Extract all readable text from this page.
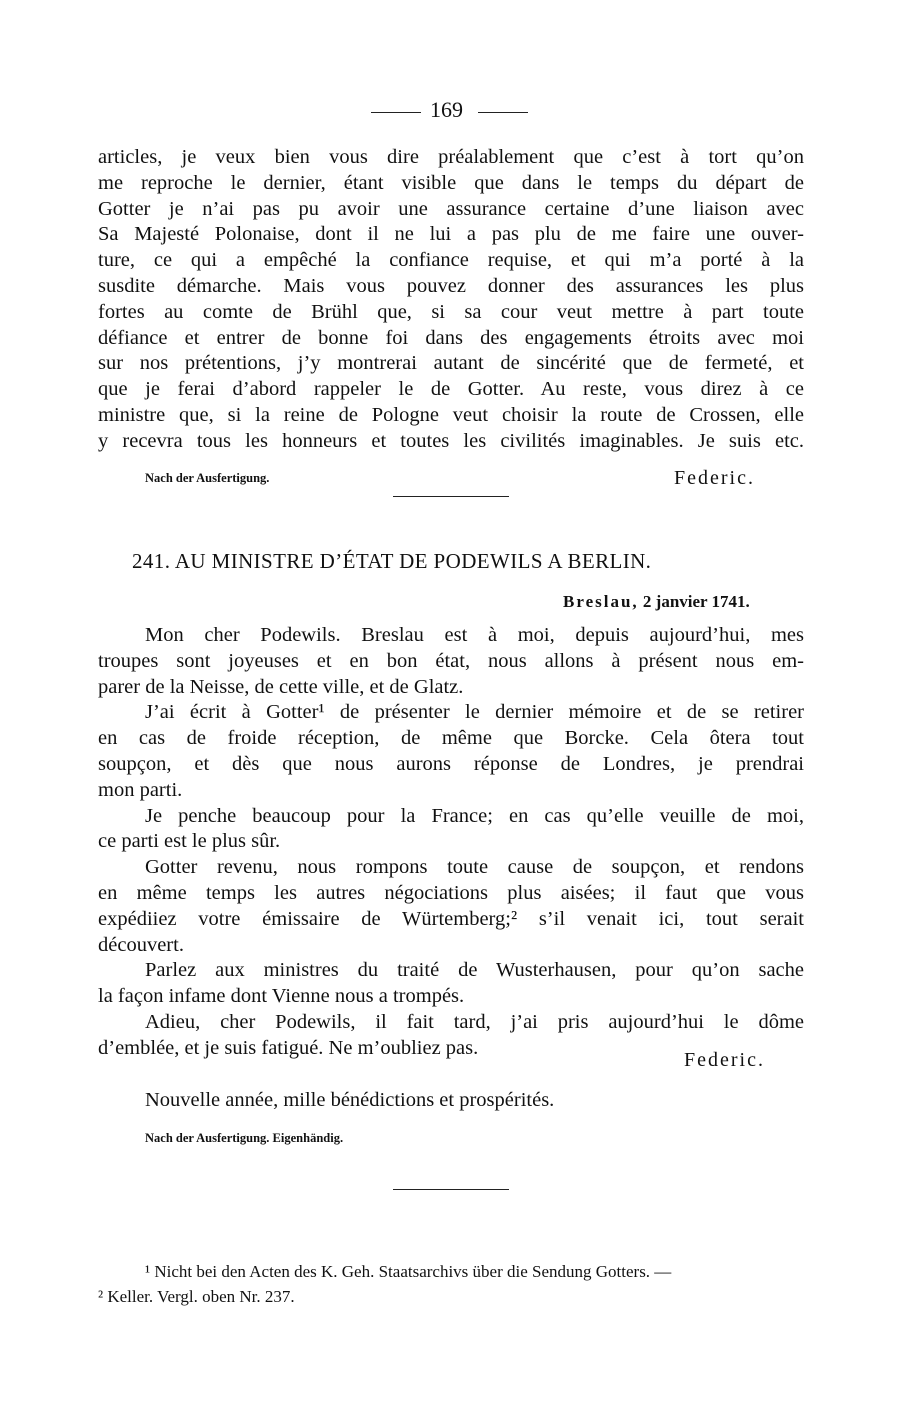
169
articles, je veux bien vous dire préalablement que c’est à tort qu’on
me reproche le dernier, étant visible que dans le temps du départ de
Gotter je n’ai pas pu avoir une assurance certaine d’une liaison avec
Sa Majesté Polonaise, dont il ne lui a pas plu de me faire une ouver-
ture, ce qui a empêché la confiance requise, et qui m’a porté à la
susdite démarche. Mais vous pouvez donner des assurances les plus
fortes au comte de Brühl que, si sa cour veut mettre à part toute
défiance et entrer de bonne foi dans des engagements étroits avec moi
sur nos prétentions, j’y montrerai autant de sincérité que de fermeté, et
que je ferai d’abord rappeler le de Gotter. Au reste, vous direz à ce
ministre que, si la reine de Pologne veut choisir la route de Crossen, elle
y recevra tous les honneurs et toutes les civilités imaginables. Je suis etc.
Nach der Ausfertigung.	Federic.
241. AU MINISTRE D’ÉTAT DE PODEWILS A BERLIN.
Breslau, 2 janvier 1741.
Mon cher Podewils. Breslau est à moi, depuis aujourd’hui, mes
troupes sont joyeuses et en bon état, nous allons à présent nous em-
parer de la Neisse, de cette ville, et de Glatz.
J’ai écrit à Gotter¹ de présenter le dernier mémoire et de se retirer
en cas de froide réception, de même que Borcke. Cela ôtera tout
soupçon, et dès que nous aurons réponse de Londres, je prendrai
mon parti.
Je penche beaucoup pour la France; en cas qu’elle veuille de moi,
ce parti est le plus sûr.
Gotter revenu, nous rompons toute cause de soupçon, et rendons
en même temps les autres négociations plus aisées; il faut que vous
expédiiez votre émissaire de Würtemberg;² s’il venait ici, tout serait
découvert.
Parlez aux ministres du traité de Wusterhausen, pour qu’on sache
la façon infame dont Vienne nous a trompés.
Adieu, cher Podewils, il fait tard, j’ai pris aujourd’hui le dôme
d’emblée, et je suis fatigué. Ne m’oubliez pas.
Federic.
Nouvelle année, mille bénédictions et prospérités.
Nach der Ausfertigung. Eigenhändig.
¹ Nicht bei den Acten des K. Geh. Staatsarchivs über die Sendung Gotters. —
² Keller. Vergl. oben Nr. 237.
